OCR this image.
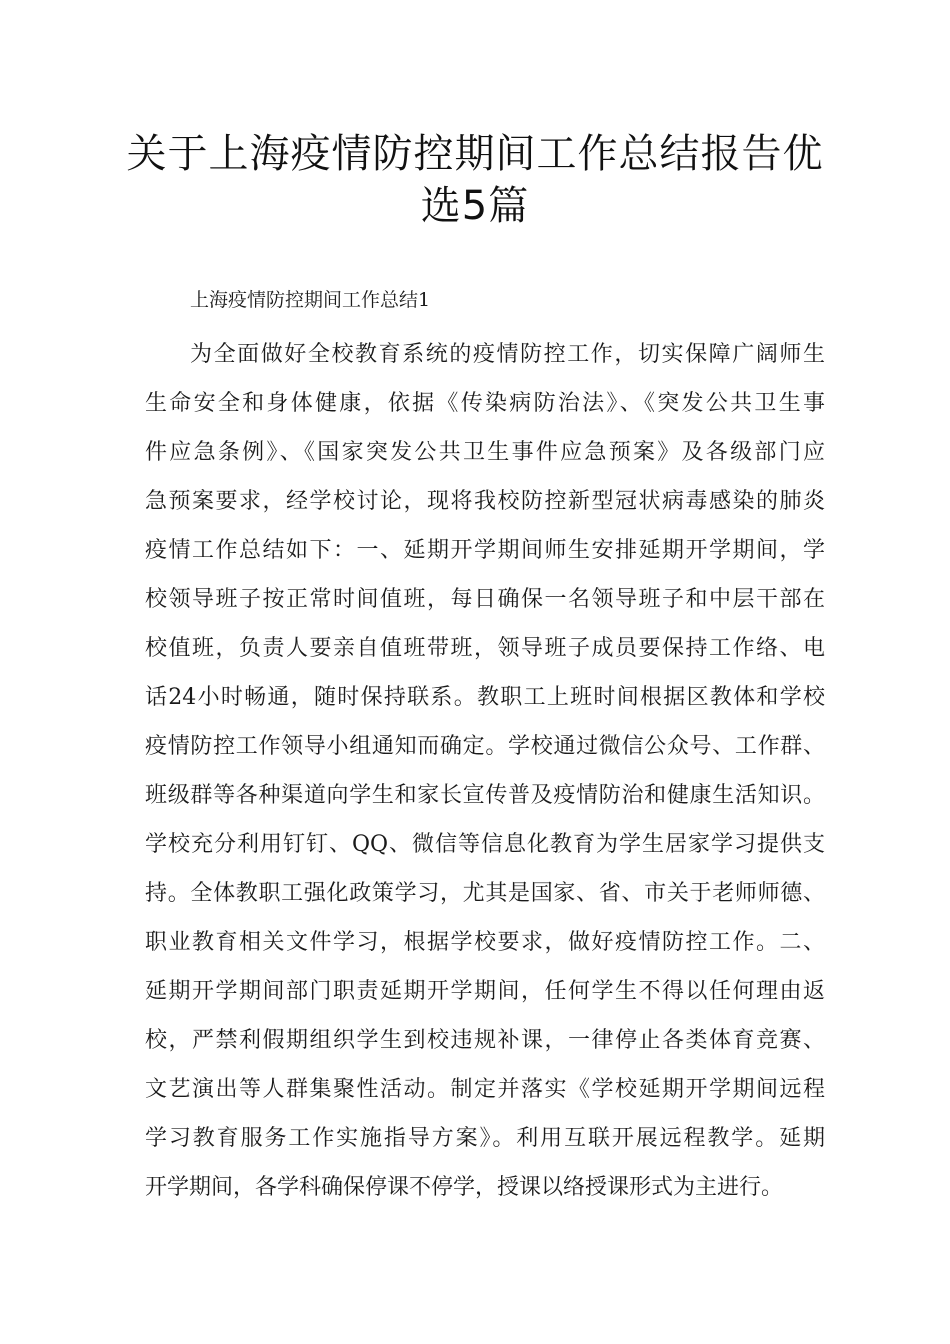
关于上海疫情防控期间工作总结报告优
选5篇
上海疫情防控期间工作总结1
为全面做好全校教育系统的疫情防控工作，切实保障广阔师生
生命安全和身体健康，依据《传染病防治法》、《突发公共卫生事
件应急条例》、《国家突发公共卫生事件应急预案》及各级部门应
急预案要求，经学校讨论，现将我校防控新型冠状病毒感染的肺炎
疫情工作总结如下：一、延期开学期间师生安排延期开学期间，学
校领导班子按正常时间值班，每日确保一名领导班子和中层干部在
校值班，负责人要亲自值班带班，领导班子成员要保持工作络、电
话24小时畅通，随时保持联系。教职工上班时间根据区教体和学校
疫情防控工作领导小组通知而确定。学校通过微信公众号、工作群、
班级群等各种渠道向学生和家长宣传普及疫情防治和健康生活知识。
学校充分利用钉钉、QQ、微信等信息化教育为学生居家学习提供支
持。全体教职工强化政策学习，尤其是国家、省、市关于老师师德、
职业教育相关文件学习，根据学校要求，做好疫情防控工作。二、
延期开学期间部门职责延期开学期间，任何学生不得以任何理由返
校，严禁利假期组织学生到校违规补课，一律停止各类体育竞赛、
文艺演出等人群集聚性活动。制定并落实《学校延期开学期间远程
学习教育服务工作实施指导方案》。利用互联开展远程教学。延期
开学期间，各学科确保停课不停学，授课以络授课形式为主进行。
